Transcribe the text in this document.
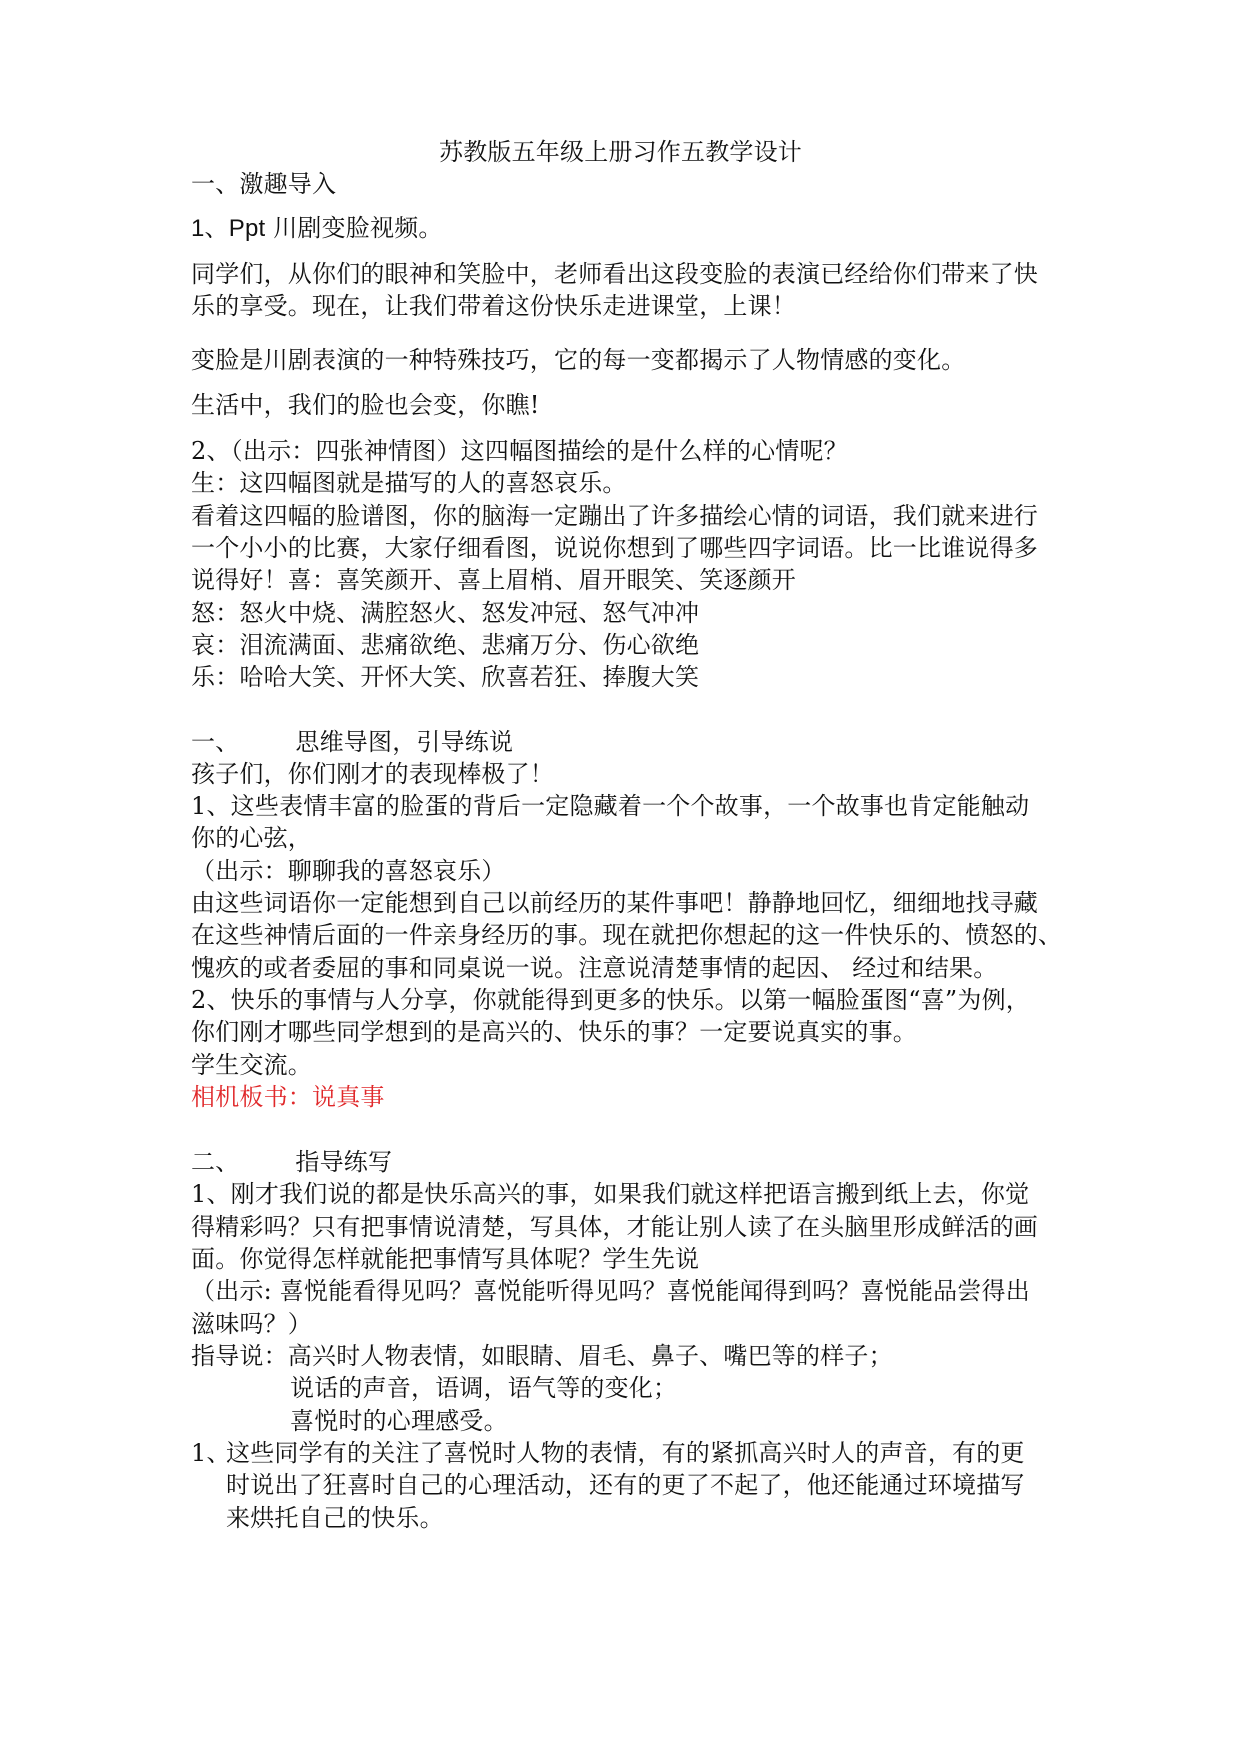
苏教版五年级上册习作五教学设计
一、激趣导入
1、Ppt 川剧变脸视频。
同学们，从你们的眼神和笑脸中，老师看出这段变脸的表演已经给你们带来了快
乐的享受。现在，让我们带着这份快乐走进课堂，上课！
变脸是川剧表演的一种特殊技巧，它的每一变都揭示了人物情感的变化。
生活中，我们的脸也会变，你瞧!
2、（出示：四张神情图）这四幅图描绘的是什么样的心情呢？
生：这四幅图就是描写的人的喜怒哀乐。
看着这四幅的脸谱图，你的脑海一定蹦出了许多描绘心情的词语，我们就来进行
一个小小的比赛，大家仔细看图，说说你想到了哪些四字词语。比一比谁说得多
说得好！喜：喜笑颜开、喜上眉梢、眉开眼笑、笑逐颜开
怒：怒火中烧、满腔怒火、怒发冲冠、怒气冲冲
哀：泪流满面、悲痛欲绝、悲痛万分、伤心欲绝
乐：哈哈大笑、开怀大笑、欣喜若狂、捧腹大笑
一、 思维导图，引导练说
孩子们，你们刚才的表现棒极了！
1、这些表情丰富的脸蛋的背后一定隐藏着一个个故事，一个故事也肯定能触动
你的心弦，
（出示：聊聊我的喜怒哀乐）
由这些词语你一定能想到自己以前经历的某件事吧！静静地回忆，细细地找寻藏
在这些神情后面的一件亲身经历的事。现在就把你想起的这一件快乐的、愤怒的、
愧疚的或者委屈的事和同桌说一说。注意说清楚事情的起因、 经过和结果。
2、快乐的事情与人分享，你就能得到更多的快乐。以第一幅脸蛋图“喜”为例，
你们刚才哪些同学想到的是高兴的、快乐的事？一定要说真实的事。
学生交流。
相机板书：说真事
二、 指导练写
1、刚才我们说的都是快乐高兴的事，如果我们就这样把语言搬到纸上去，你觉
得精彩吗？只有把事情说清楚，写具体，才能让别人读了在头脑里形成鲜活的画
面。你觉得怎样就能把事情写具体呢？学生先说
（出示: 喜悦能看得见吗？喜悦能听得见吗？喜悦能闻得到吗？喜悦能品尝得出
滋味吗？）
指导说：高兴时人物表情，如眼睛、眉毛、鼻子、嘴巴等的样子；
说话的声音，语调，语气等的变化；
喜悦时的心理感受。
1、
这些同学有的关注了喜悦时人物的表情，有的紧抓高兴时人的声音，有的更
时说出了狂喜时自己的心理活动，还有的更了不起了，他还能通过环境描写
来烘托自己的快乐。
